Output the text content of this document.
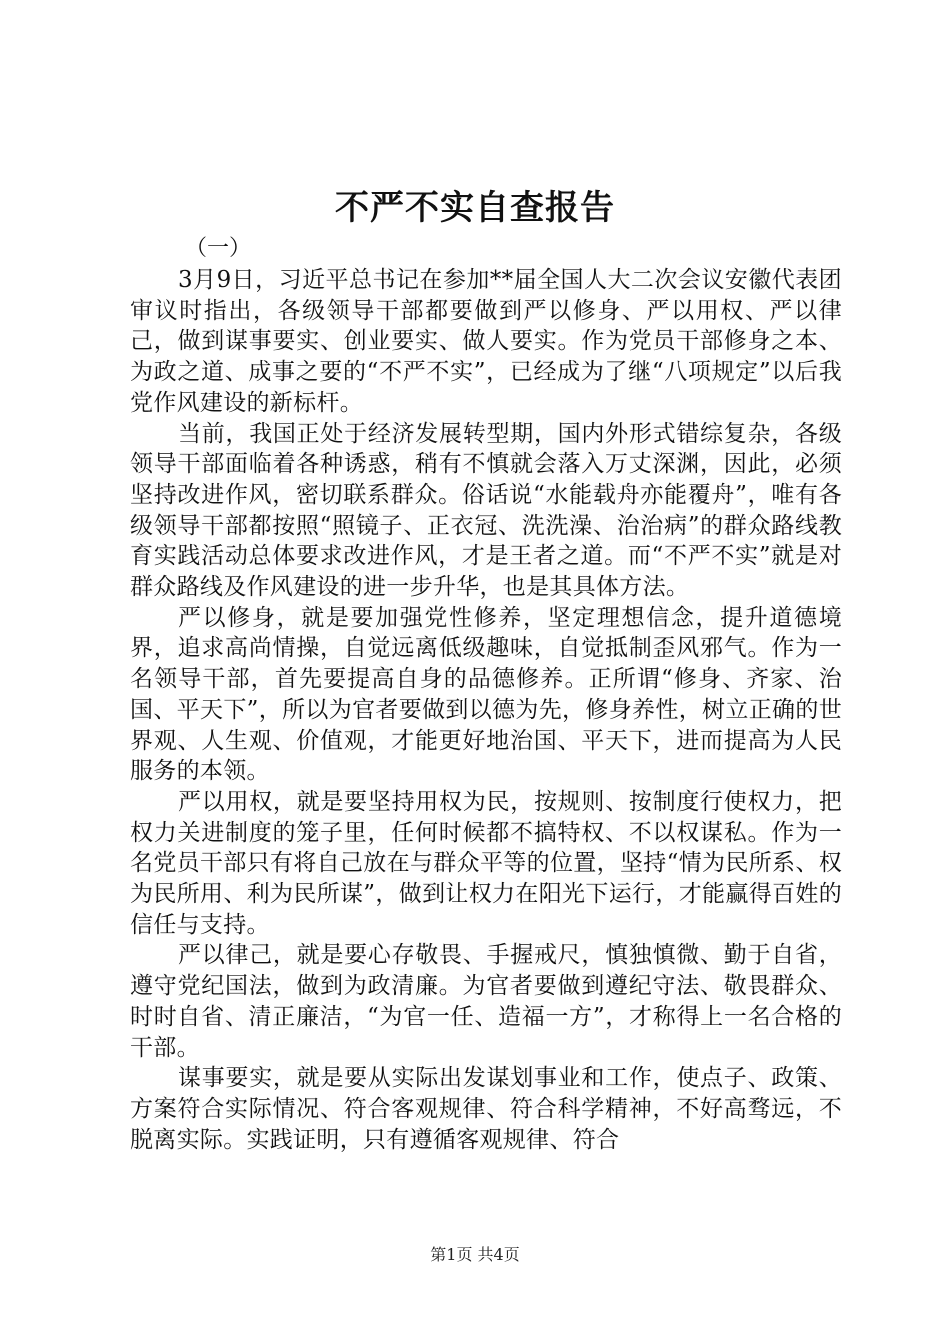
不严不实自查报告
（一）

3月9日，习近平总书记在参加**届全国人大二次会议安徽代表团审议时指出，各级领导干部都要做到严以修身、严以用权、严以律己，做到谋事要实、创业要实、做人要实。作为党员干部修身之本、为政之道、成事之要的“不严不实”，已经成为了继“八项规定”以后我党作风建设的新标杆。

当前，我国正处于经济发展转型期，国内外形式错综复杂，各级领导干部面临着各种诱惑，稍有不慎就会落入万丈深渊，因此，必须坚持改进作风，密切联系群众。俗话说“水能载舟亦能覆舟”，唯有各级领导干部都按照“照镜子、正衣冠、洗洗澡、治治病”的群众路线教育实践活动总体要求改进作风，才是王者之道。而“不严不实”就是对群众路线及作风建设的进一步升华，也是其具体方法。

严以修身，就是要加强党性修养，坚定理想信念，提升道德境界，追求高尚情操，自觉远离低级趣味，自觉抵制歪风邪气。作为一名领导干部，首先要提高自身的品德修养。正所谓“修身、齐家、治国、平天下”，所以为官者要做到以德为先，修身养性，树立正确的世界观、人生观、价值观，才能更好地治国、平天下，进而提高为人民服务的本领。

严以用权，就是要坚持用权为民，按规则、按制度行使权力，把权力关进制度的笼子里，任何时候都不搞特权、不以权谋私。作为一名党员干部只有将自己放在与群众平等的位置，坚持“情为民所系、权为民所用、利为民所谋”，做到让权力在阳光下运行，才能赢得百姓的信任与支持。

严以律己，就是要心存敬畏、手握戒尺，慎独慎微、勤于自省，遵守党纪国法，做到为政清廉。为官者要做到遵纪守法、敬畏群众、时时自省、清正廉洁，“为官一任、造福一方”，才称得上一名合格的干部。

谋事要实，就是要从实际出发谋划事业和工作，使点子、政策、方案符合实际情况、符合客观规律、符合科学精神，不好高骛远，不脱离实际。实践证明，只有遵循客观规律、符合

第1页 共4页
